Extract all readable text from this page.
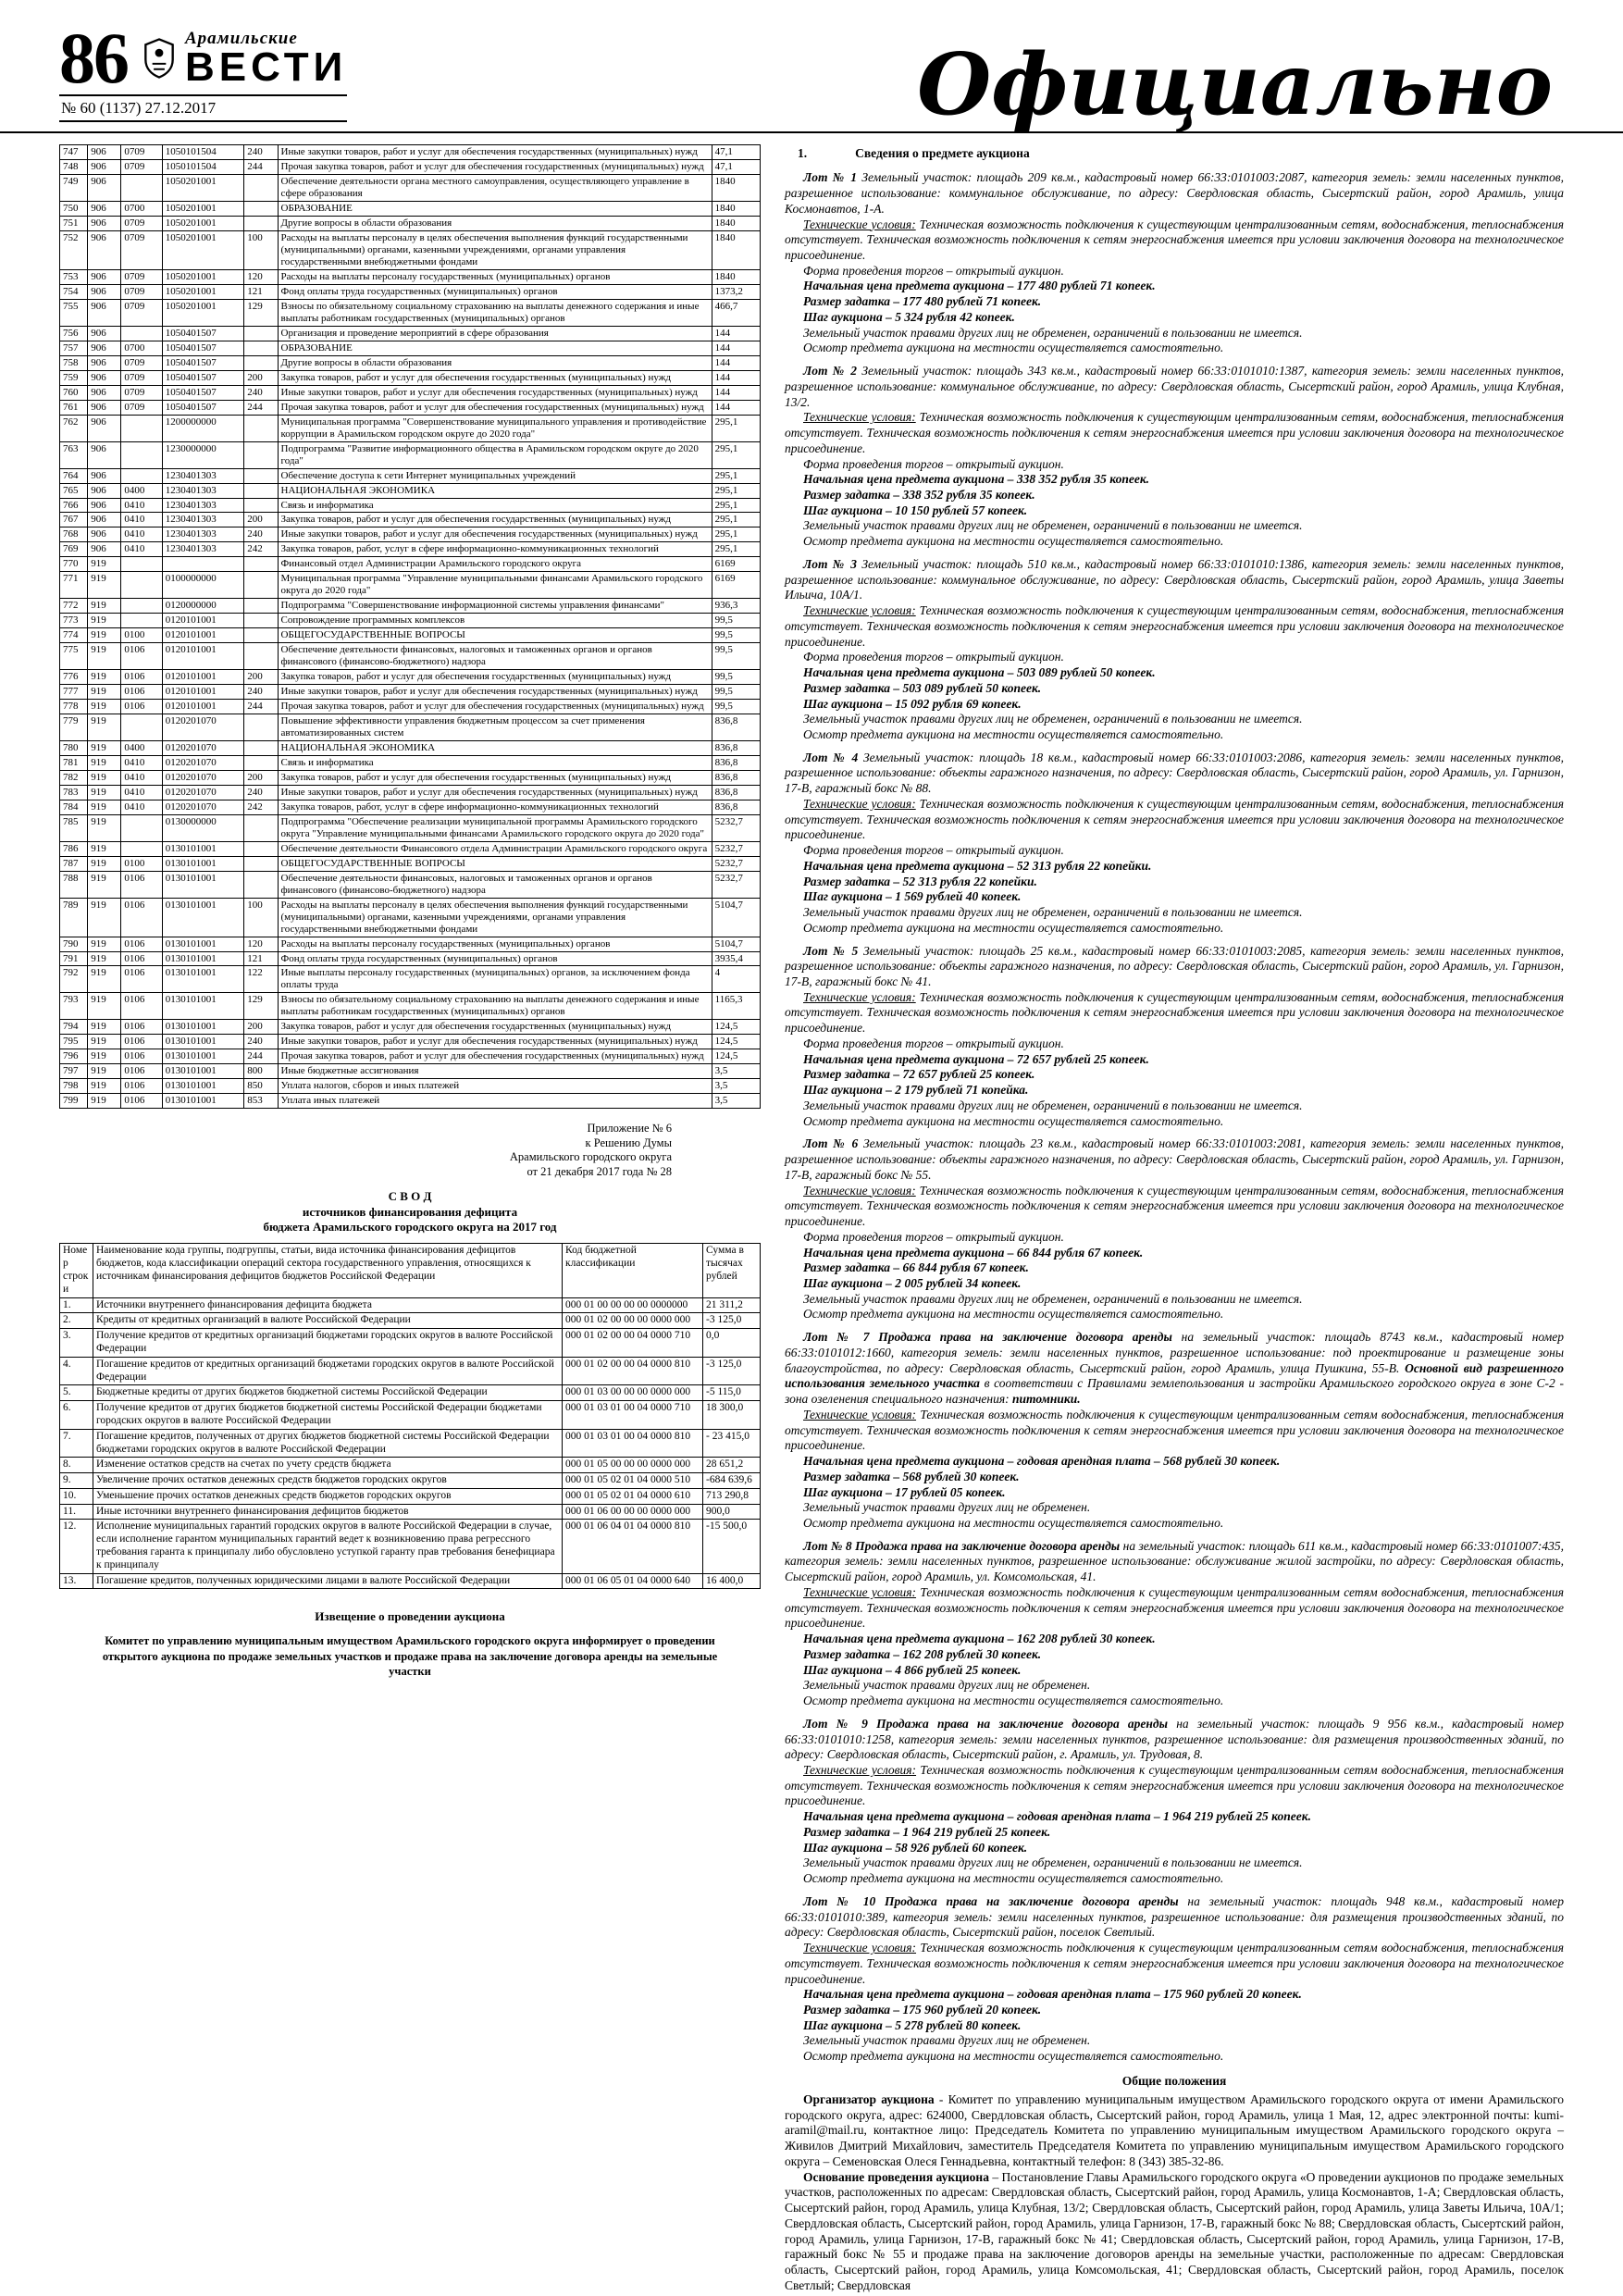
86	Арамильские
ВЕСТИ
№ 60 (1137) 27.12.2017	Официально
747	906	0709	1050101504	240	Иные закупки товаров, работ и услуг для обеспечения государственных (муниципальных) нужд	47,1
748	906	0709	1050101504	244	Прочая закупка товаров, работ и услуг для обеспечения государственных (муниципальных) нужд	47,1
749	906		1050201001		Обеспечение деятельности органа местного самоуправления, осуществляющего управление в сфере образования	1840
750	906	0700	1050201001		ОБРАЗОВАНИЕ	1840
751	906	0709	1050201001		Другие вопросы в области образования	1840
752	906	0709	1050201001	100	Расходы на выплаты персоналу в целях обеспечения выполнения функций государственными (муниципальными) органами, казенными учреждениями, органами управления государственными внебюджетными фондами	1840
753	906	0709	1050201001	120	Расходы на выплаты персоналу государственных (муниципальных) органов	1840
754	906	0709	1050201001	121	Фонд оплаты труда государственных (муниципальных) органов	1373,2
755	906	0709	1050201001	129	Взносы по обязательному социальному страхованию на выплаты денежного содержания и иные выплаты работникам государственных (муниципальных) органов	466,7
756	906		1050401507		Организация и проведение мероприятий в сфере образования	144
757	906	0700	1050401507		ОБРАЗОВАНИЕ	144
758	906	0709	1050401507		Другие вопросы в области образования	144
759	906	0709	1050401507	200	Закупка товаров, работ и услуг для обеспечения государственных (муниципальных) нужд	144
760	906	0709	1050401507	240	Иные закупки товаров, работ и услуг для обеспечения государственных (муниципальных) нужд	144
761	906	0709	1050401507	244	Прочая закупка товаров, работ и услуг для обеспечения государственных (муниципальных) нужд	144
762	906		1200000000		Муниципальная программа "Совершенствование муниципального управления и противодействие коррупции в Арамильском городском округе до 2020 года"	295,1
763	906		1230000000		Подпрограмма "Развитие информационного общества в Арамильском городском округе до 2020 года"	295,1
764	906		1230401303		Обеспечение доступа к сети Интернет муниципальных учреждений	295,1
765	906	0400	1230401303		НАЦИОНАЛЬНАЯ ЭКОНОМИКА	295,1
766	906	0410	1230401303		Связь и информатика	295,1
767	906	0410	1230401303	200	Закупка товаров, работ и услуг для обеспечения государственных (муниципальных) нужд	295,1
768	906	0410	1230401303	240	Иные закупки товаров, работ и услуг для обеспечения государственных (муниципальных) нужд	295,1
769	906	0410	1230401303	242	Закупка товаров, работ, услуг в сфере информационно-коммуникационных технологий	295,1
770	919				Финансовый отдел Администрации Арамильского городского округа	6169
771	919		0100000000		Муниципальная программа "Управление муниципальными финансами Арамильского городского округа до 2020 года"	6169
772	919		0120000000		Подпрограмма "Совершенствование информационной системы управления финансами"	936,3
773	919		0120101001		Сопровождение программных комплексов	99,5
774	919	0100	0120101001		ОБЩЕГОСУДАРСТВЕННЫЕ ВОПРОСЫ	99,5
775	919	0106	0120101001		Обеспечение деятельности финансовых, налоговых и таможенных органов и органов финансового (финансово-бюджетного) надзора	99,5
776	919	0106	0120101001	200	Закупка товаров, работ и услуг для обеспечения государственных (муниципальных) нужд	99,5
777	919	0106	0120101001	240	Иные закупки товаров, работ и услуг для обеспечения государственных (муниципальных) нужд	99,5
778	919	0106	0120101001	244	Прочая закупка товаров, работ и услуг для обеспечения государственных (муниципальных) нужд	99,5
779	919		0120201070		Повышение эффективности управления бюджетным процессом за счет применения автоматизированных систем	836,8
780	919	0400	0120201070		НАЦИОНАЛЬНАЯ ЭКОНОМИКА	836,8
781	919	0410	0120201070		Связь и информатика	836,8
782	919	0410	0120201070	200	Закупка товаров, работ и услуг для обеспечения государственных (муниципальных) нужд	836,8
783	919	0410	0120201070	240	Иные закупки товаров, работ и услуг для обеспечения государственных (муниципальных) нужд	836,8
784	919	0410	0120201070	242	Закупка товаров, работ, услуг в сфере информационно-коммуникационных технологий	836,8
785	919		0130000000		Подпрограмма "Обеспечение реализации муниципальной программы Арамильского городского округа "Управление муниципальными финансами Арамильского городского округа до 2020 года"	5232,7
786	919		0130101001		Обеспечение деятельности Финансового отдела Администрации Арамильского городского округа	5232,7
787	919	0100	0130101001		ОБЩЕГОСУДАРСТВЕННЫЕ ВОПРОСЫ	5232,7
788	919	0106	0130101001		Обеспечение деятельности финансовых, налоговых и таможенных органов и органов финансового (финансово-бюджетного) надзора	5232,7
789	919	0106	0130101001	100	Расходы на выплаты персоналу в целях обеспечения выполнения функций государственными (муниципальными) органами, казенными учреждениями, органами управления государственными внебюджетными фондами	5104,7
790	919	0106	0130101001	120	Расходы на выплаты персоналу государственных (муниципальных) органов	5104,7
791	919	0106	0130101001	121	Фонд оплаты труда государственных (муниципальных) органов	3935,4
792	919	0106	0130101001	122	Иные выплаты персоналу государственных (муниципальных) органов, за исключением фонда оплаты труда	4
793	919	0106	0130101001	129	Взносы по обязательному социальному страхованию на выплаты денежного содержания и иные выплаты работникам государственных (муниципальных) органов	1165,3
794	919	0106	0130101001	200	Закупка товаров, работ и услуг для обеспечения государственных (муниципальных) нужд	124,5
795	919	0106	0130101001	240	Иные закупки товаров, работ и услуг для обеспечения государственных (муниципальных) нужд	124,5
796	919	0106	0130101001	244	Прочая закупка товаров, работ и услуг для обеспечения государственных (муниципальных) нужд	124,5
797	919	0106	0130101001	800	Иные бюджетные ассигнования	3,5
798	919	0106	0130101001	850	Уплата налогов, сборов и иных платежей	3,5
799	919	0106	0130101001	853	Уплата иных платежей	3,5
Приложение № 6
к Решению Думы
Арамильского городского округа
от 21 декабря 2017 года № 28
С В О Д
источников финансирования дефицита
бюджета Арамильского городского округа на 2017 год
Номер строки	Наименование кода группы, подгруппы, статьи, вида источника финансирования дефицитов бюджетов, кода классификации операций сектора государственного управления, относящихся к источникам финансирования дефицитов бюджетов Российской Федерации	Код бюджетной классификации	Сумма в тысячах рублей
1.	Источники внутреннего финансирования дефицита бюджета	000 01 00 00 00 00 0000000	21 311,2
2.	Кредиты от кредитных организаций в валюте Российской Федерации	000 01 02 00 00 00 0000 000	-3 125,0
3.	Получение кредитов от кредитных организаций бюджетами городских округов в валюте Российской Федерации	000 01 02 00 00 04 0000 710	0,0
4.	Погашение кредитов от кредитных организаций бюджетами городских округов в валюте Российской Федерации	000 01 02 00 00 04 0000 810	-3 125,0
5.	Бюджетные кредиты от других бюджетов бюджетной системы Российской Федерации	000 01 03 00 00 00 0000 000	-5 115,0
6.	Получение кредитов от других бюджетов бюджетной системы Российской Федерации бюджетами городских округов в валюте Российской Федерации	000 01 03 01 00 04 0000 710	18 300,0
7.	Погашение кредитов, полученных от других бюджетов бюджетной системы Российской Федерации бюджетами городских округов в валюте Российской Федерации	000 01 03 01 00 04 0000 810	- 23 415,0
8.	Изменение остатков средств на счетах по учету средств бюджета	000 01 05 00 00 00 0000 000	28 651,2
9.	Увеличение прочих остатков денежных средств бюджетов городских округов	000 01 05 02 01 04 0000 510	-684 639,6
10.	Уменьшение прочих остатков денежных средств бюджетов городских округов	000 01 05 02 01 04 0000 610	713 290,8
11.	Иные источники внутреннего финансирования дефицитов бюджетов	000 01 06 00 00 00 0000 000	900,0
12.	Исполнение муниципальных гарантий городских округов в валюте Российской Федерации в случае, если исполнение гарантом муниципальных гарантий ведет к возникновению права регрессного требования гаранта к принципалу либо обусловлено уступкой гаранту прав требования бенефициара к принципалу	000 01 06 04 01 04 0000 810	-15 500,0
13.	Погашение кредитов, полученных юридическими лицами в валюте Российской Федерации	000 01 06 05 01 04 0000 640	16 400,0
Извещение о проведении аукциона
Комитет по управлению муниципальным имуществом Арамильского городского округа информирует о проведении открытого аукциона по продаже земельных участков и продаже права на заключение договора аренды на земельные участки
1.	Сведения о предмете аукциона

Лот № 1 Земельный участок: площадь 209 кв.м., кадастровый номер 66:33:0101003:2087, категория земель: земли населенных пунктов, разрешенное использование: коммунальное обслуживание, по адресу: Свердловская область, Сысертский район, город Арамиль, улица Космонавтов, 1-А.

Технические условия: Техническая возможность подключения к существующим централизованным сетям, водоснабжения, теплоснабжения отсутствует. Техническая возможность подключения к сетям энергоснабжения имеется при условии заключения договора на технологическое присоединение.

Форма проведения торгов – открытый аукцион.

Начальная цена предмета аукциона – 177 480 рублей 71 копеек.

Размер задатка – 177 480 рублей 71 копеек.

Шаг аукциона – 5 324 рубля 42 копеек.

Земельный участок правами других лиц не обременен, ограничений в пользовании не имеется.

Осмотр предмета аукциона на местности осуществляется самостоятельно.

Лот № 2 Земельный участок: площадь 343 кв.м., кадастровый номер 66:33:0101010:1387, категория земель: земли населенных пунктов, разрешенное использование: коммунальное обслуживание, по адресу: Свердловская область, Сысертский район, город Арамиль, улица Клубная, 13/2.

Технические условия: Техническая возможность подключения к существующим централизованным сетям, водоснабжения, теплоснабжения отсутствует. Техническая возможность подключения к сетям энергоснабжения имеется при условии заключения договора на технологическое присоединение.

Форма проведения торгов – открытый аукцион.

Начальная цена предмета аукциона – 338 352 рубля 35 копеек.

Размер задатка – 338 352 рубля 35 копеек.

Шаг аукциона – 10 150 рублей 57 копеек.

Земельный участок правами других лиц не обременен, ограничений в пользовании не имеется.

Осмотр предмета аукциона на местности осуществляется самостоятельно.

Лот № 3 Земельный участок: площадь 510 кв.м., кадастровый номер 66:33:0101010:1386, категория земель: земли населенных пунктов, разрешенное использование: коммунальное обслуживание, по адресу: Свердловская область, Сысертский район, город Арамиль, улица Заветы Ильича, 10А/1.

Технические условия: Техническая возможность подключения к существующим централизованным сетям, водоснабжения, теплоснабжения отсутствует. Техническая возможность подключения к сетям энергоснабжения имеется при условии заключения договора на технологическое присоединение.

Форма проведения торгов – открытый аукцион.

Начальная цена предмета аукциона – 503 089 рублей 50 копеек.

Размер задатка – 503 089 рублей 50 копеек.

Шаг аукциона – 15 092 рубля 69 копеек.

Земельный участок правами других лиц не обременен, ограничений в пользовании не имеется.

Осмотр предмета аукциона на местности осуществляется самостоятельно.

Лот № 4 Земельный участок: площадь 18 кв.м., кадастровый номер 66:33:0101003:2086, категория земель: земли населенных пунктов, разрешенное использование: объекты гаражного назначения, по адресу: Свердловская область, Сысертский район, город Арамиль, ул. Гарнизон, 17-В, гаражный бокс № 88.

Технические условия: Техническая возможность подключения к существующим централизованным сетям, водоснабжения, теплоснабжения отсутствует. Техническая возможность подключения к сетям энергоснабжения имеется при условии заключения договора на технологическое присоединение.

Форма проведения торгов – открытый аукцион.

Начальная цена предмета аукциона – 52 313 рубля 22 копейки.

Размер задатка – 52 313 рубля 22 копейки.

Шаг аукциона – 1 569 рублей 40 копеек.

Земельный участок правами других лиц не обременен, ограничений в пользовании не имеется.

Осмотр предмета аукциона на местности осуществляется самостоятельно.

Лот № 5 Земельный участок: площадь 25 кв.м., кадастровый номер 66:33:0101003:2085, категория земель: земли населенных пунктов, разрешенное использование: объекты гаражного назначения, по адресу: Свердловская область, Сысертский район, город Арамиль, ул. Гарнизон, 17-В, гаражный бокс № 41.

Технические условия: Техническая возможность подключения к существующим централизованным сетям, водоснабжения, теплоснабжения отсутствует. Техническая возможность подключения к сетям энергоснабжения имеется при условии заключения договора на технологическое присоединение.

Форма проведения торгов – открытый аукцион.

Начальная цена предмета аукциона – 72 657 рублей 25 копеек.

Размер задатка – 72 657 рублей 25 копеек.

Шаг аукциона – 2 179 рублей 71 копейка.

Земельный участок правами других лиц не обременен, ограничений в пользовании не имеется.

Осмотр предмета аукциона на местности осуществляется самостоятельно.

Лот № 6 Земельный участок: площадь 23 кв.м., кадастровый номер 66:33:0101003:2081, категория земель: земли населенных пунктов, разрешенное использование: объекты гаражного назначения, по адресу: Свердловская область, Сысертский район, город Арамиль, ул. Гарнизон, 17-В, гаражный бокс № 55.

Технические условия: Техническая возможность подключения к существующим централизованным сетям, водоснабжения, теплоснабжения отсутствует. Техническая возможность подключения к сетям энергоснабжения имеется при условии заключения договора на технологическое присоединение.

Форма проведения торгов – открытый аукцион.

Начальная цена предмета аукциона – 66 844 рубля 67 копеек.

Размер задатка – 66 844 рубля 67 копеек.

Шаг аукциона – 2 005 рублей 34 копеек.

Земельный участок правами других лиц не обременен, ограничений в пользовании не имеется.

Осмотр предмета аукциона на местности осуществляется самостоятельно.

Лот № 7 Продажа права на заключение договора аренды на земельный участок: площадь 8743 кв.м., кадастровый номер 66:33:0101012:1660, категория земель: земли населенных пунктов, разрешенное использование: под проектирование и размещение зоны благоустройства, по адресу: Свердловская область, Сысертский район, город Арамиль, улица Пушкина, 55-В. Основной вид разрешенного использования земельного участка в соответствии с Правилами землепользования и застройки Арамильского городского округа в зоне С-2 - зона озеленения специального назначения: питомники.

Технические условия: Техническая возможность подключения к существующим централизованным сетям водоснабжения, теплоснабжения отсутствует. Техническая возможность подключения к сетям энергоснабжения имеется при условии заключения договора на технологическое присоединение.

Начальная цена предмета аукциона – годовая арендная плата – 568 рублей 30 копеек.

Размер задатка – 568 рублей 30 копеек.

Шаг аукциона – 17 рублей 05 копеек.

Земельный участок правами других лиц не обременен.

Осмотр предмета аукциона на местности осуществляется самостоятельно.

Лот № 8 Продажа права на заключение договора аренды на земельный участок: площадь 611 кв.м., кадастровый номер 66:33:0101007:435, категория земель: земли населенных пунктов, разрешенное использование: обслуживание жилой застройки, по адресу: Свердловская область, Сысертский район, город Арамиль, ул. Комсомольская, 41.

Технические условия: Техническая возможность подключения к существующим централизованным сетям водоснабжения, теплоснабжения отсутствует. Техническая возможность подключения к сетям энергоснабжения имеется при условии заключения договора на технологическое присоединение.

Начальная цена предмета аукциона – 162 208 рублей 30 копеек.

Размер задатка – 162 208 рублей 30 копеек.

Шаг аукциона – 4 866 рублей 25 копеек.

Земельный участок правами других лиц не обременен.

Осмотр предмета аукциона на местности осуществляется самостоятельно.

Лот № 9 Продажа права на заключение договора аренды на земельный участок: площадь 9 956 кв.м., кадастровый номер 66:33:0101010:1258, категория земель: земли населенных пунктов, разрешенное использование: для размещения производственных зданий, по адресу: Свердловская область, Сысертский район, г. Арамиль, ул. Трудовая, 8.

Технические условия: Техническая возможность подключения к существующим централизованным сетям водоснабжения, теплоснабжения отсутствует. Техническая возможность подключения к сетям энергоснабжения имеется при условии заключения договора на технологическое присоединение.

Начальная цена предмета аукциона – годовая арендная плата – 1 964 219 рублей 25 копеек.

Размер задатка – 1 964 219 рублей 25 копеек.

Шаг аукциона – 58 926 рублей 60 копеек.

Земельный участок правами других лиц не обременен, ограничений в пользовании не имеется.

Осмотр предмета аукциона на местности осуществляется самостоятельно.

Лот № 10 Продажа права на заключение договора аренды на земельный участок: площадь 948 кв.м., кадастровый номер 66:33:0101010:389, категория земель: земли населенных пунктов, разрешенное использование: для размещения производственных зданий, по адресу: Свердловская область, Сысертский район, поселок Светлый.

Технические условия: Техническая возможность подключения к существующим централизованным сетям водоснабжения, теплоснабжения отсутствует. Техническая возможность подключения к сетям энергоснабжения имеется при условии заключения договора на технологическое присоединение.

Начальная цена предмета аукциона – годовая арендная плата – 175 960 рублей 20 копеек.

Размер задатка – 175 960 рублей 20 копеек.

Шаг аукциона – 5 278 рублей 80 копеек.

Земельный участок правами других лиц не обременен.

Осмотр предмета аукциона на местности осуществляется самостоятельно.

Общие положения

Организатор аукциона - Комитет по управлению муниципальным имуществом Арамильского городского округа от имени Арамильского городского округа, адрес: 624000, Свердловская область, Сысертский район, город Арамиль, улица 1 Мая, 12, адрес электронной почты: kumi-aramil@mail.ru, контактное лицо: Председатель Комитета по управлению муниципальным имуществом Арамильского городского округа – Живилов Дмитрий Михайлович, заместитель Председателя Комитета по управлению муниципальным имуществом Арамильского городского округа – Семеновская Олеся Геннадьевна, контактный телефон: 8 (343) 385-32-86.

Основание проведения аукциона – Постановление Главы Арамильского городского округа «О проведении аукционов по продаже земельных участков, расположенных по адресам: Свердловская область, Сысертский район, город Арамиль, улица Космонавтов, 1-А; Свердловская область, Сысертский район, город Арамиль, улица Клубная, 13/2; Свердловская область, Сысертский район, город Арамиль, улица Заветы Ильича, 10А/1; Свердловская область, Сысертский район, город Арамиль, улица Гарнизон, 17-В, гаражный бокс № 88; Свердловская область, Сысертский район, город Арамиль, улица Гарнизон, 17-В, гаражный бокс № 41; Свердловская область, Сысертский район, город Арамиль, улица Гарнизон, 17-В, гаражный бокс № 55 и продаже права на заключение договоров аренды на земельные участки, расположенные по адресам: Свердловская область, Сысертский район, город Арамиль, улица Комсомольская, 41; Свердловская область, Сысертский район, город Арамиль, поселок Светлый; Свердловская
